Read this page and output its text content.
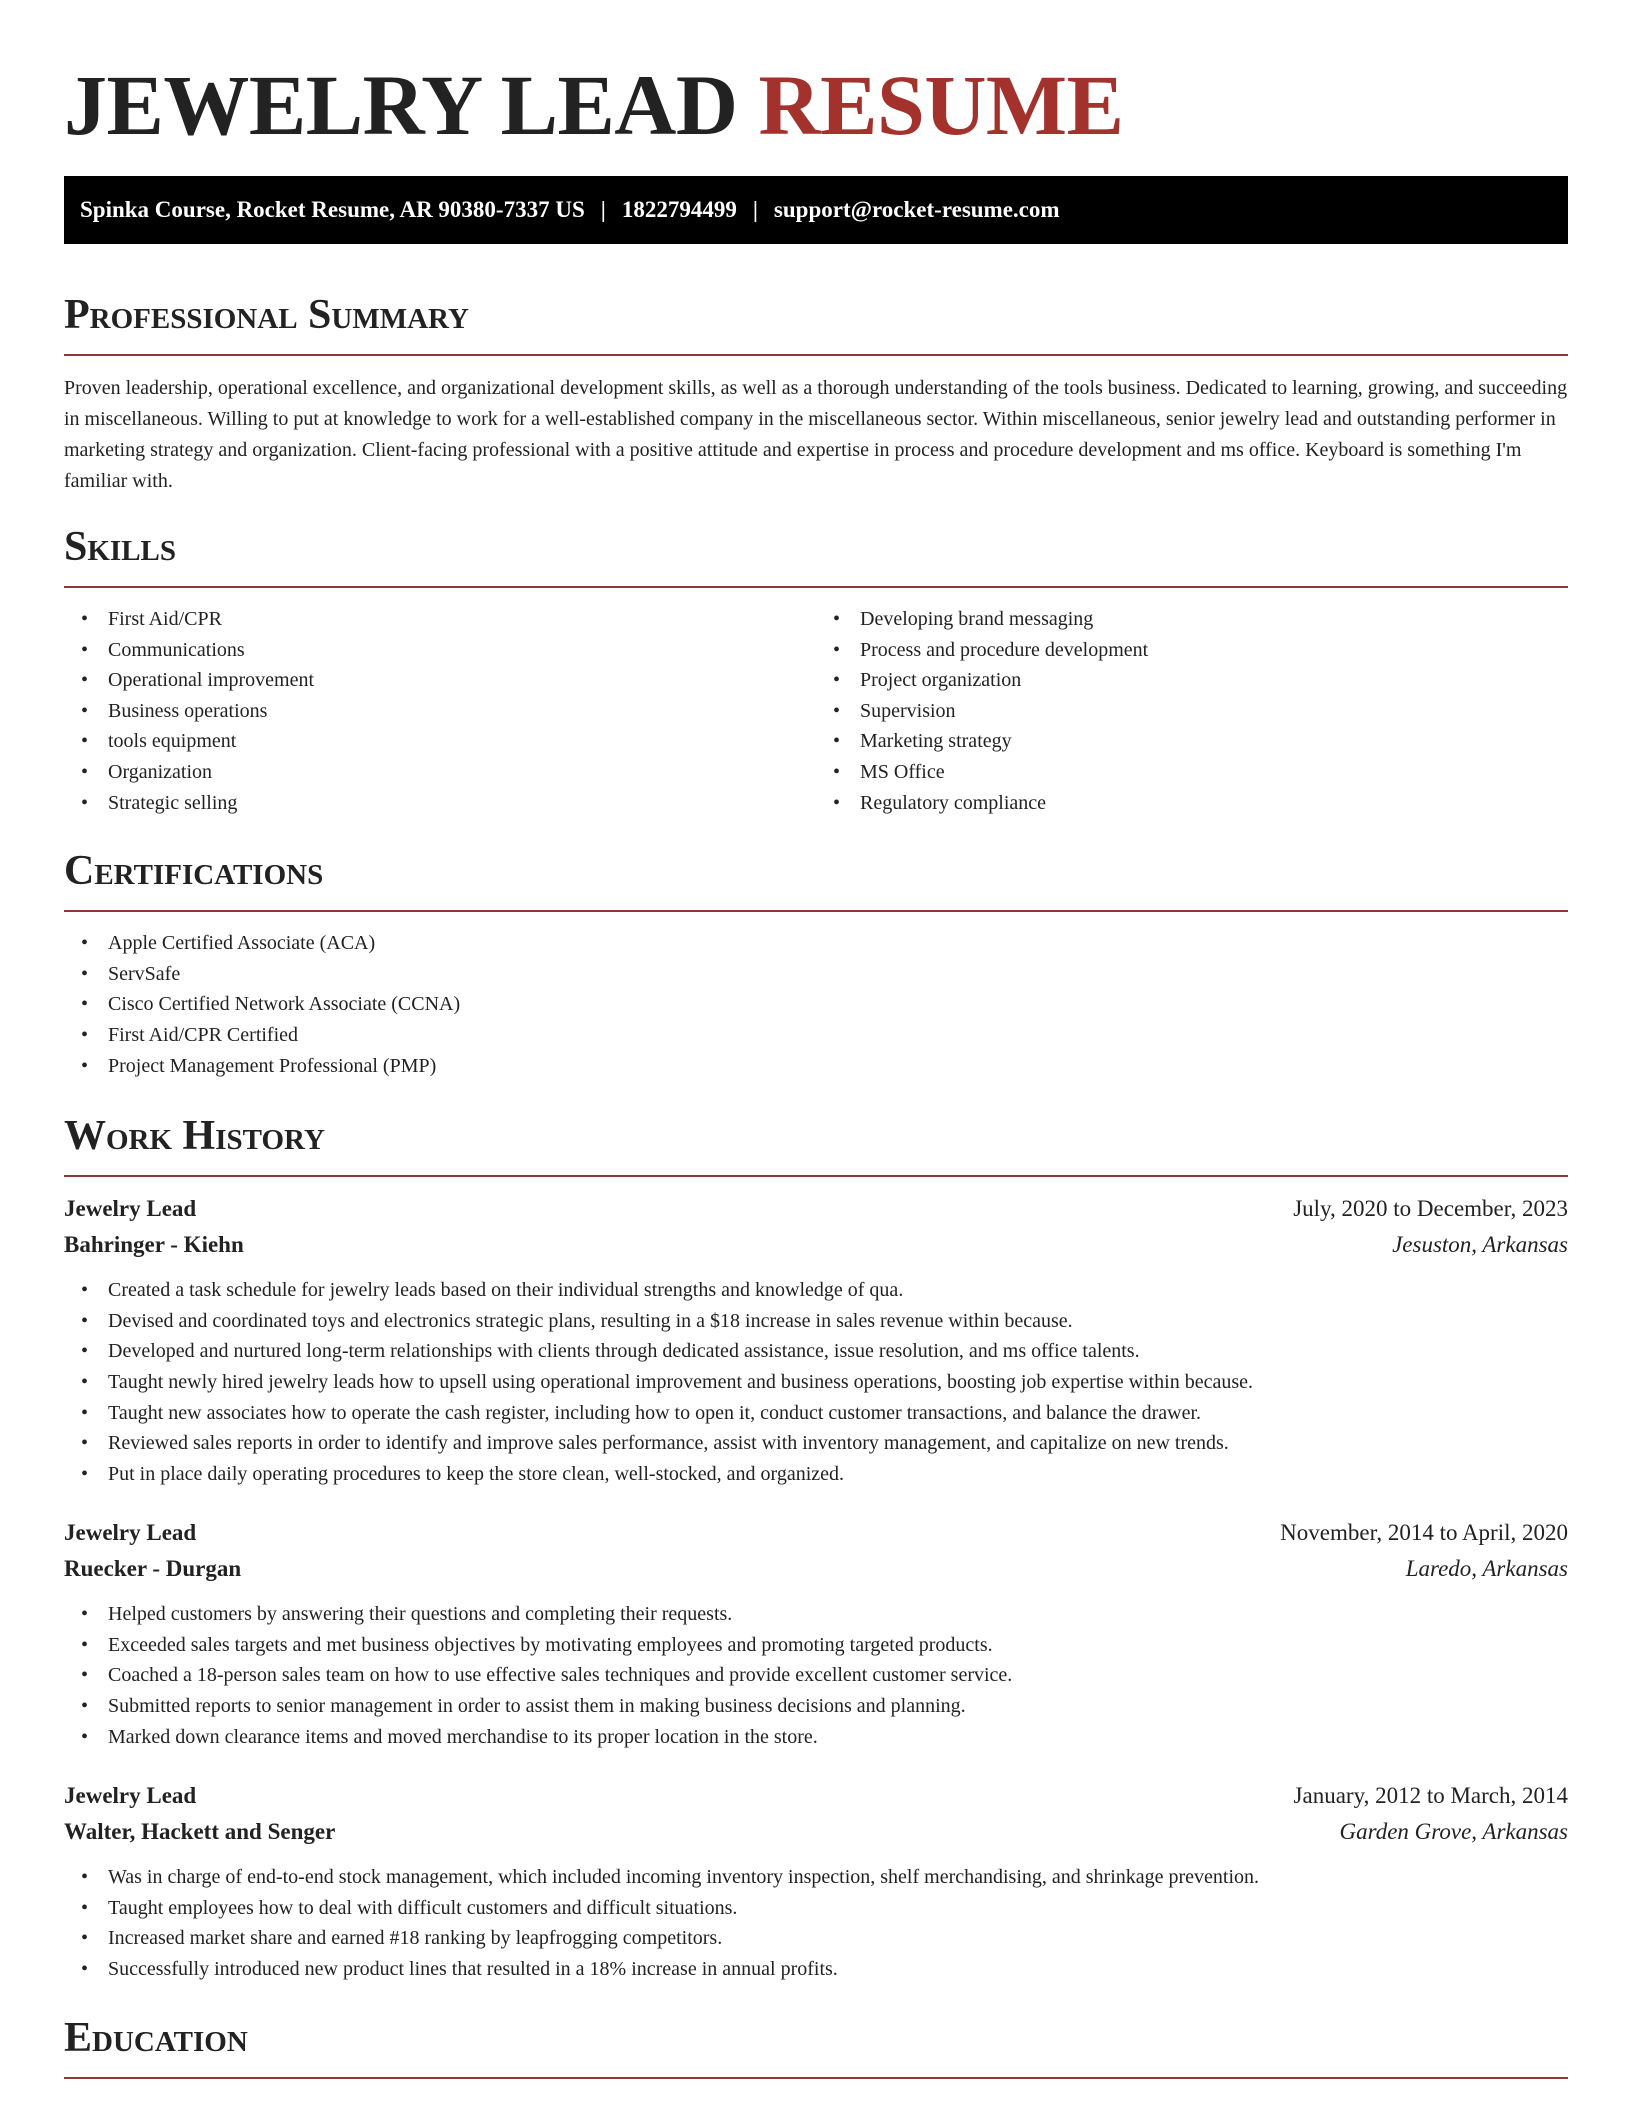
JEWELRY LEAD RESUME
Spinka Course, Rocket Resume, AR 90380-7337 US | 1822794499 | support@rocket-resume.com
Professional Summary

Proven leadership, operational excellence, and organizational development skills, as well as a thorough understanding of the tools business. Dedicated to learning, growing, and succeeding in miscellaneous. Willing to put at knowledge to work for a well-established company in the miscellaneous sector. Within miscellaneous, senior jewelry lead and outstanding performer in marketing strategy and organization. Client-facing professional with a positive attitude and expertise in process and procedure development and ms office. Keyboard is something I'm familiar with.

Skills
• First Aid/CPR
• Communications
• Operational improvement
• Business operations
• tools equipment
• Organization
• Strategic selling
• Developing brand messaging
• Process and procedure development
• Project organization
• Supervision
• Marketing strategy
• MS Office
• Regulatory compliance
Certifications
• Apple Certified Associate (ACA)
• ServSafe
• Cisco Certified Network Associate (CCNA)
• First Aid/CPR Certified
• Project Management Professional (PMP)
Work History
Jewelry Lead	July, 2020 to December, 2023
Bahringer - Kiehn	Jesuston, Arkansas
• Created a task schedule for jewelry leads based on their individual strengths and knowledge of qua.
• Devised and coordinated toys and electronics strategic plans, resulting in a $18 increase in sales revenue within because.
• Developed and nurtured long-term relationships with clients through dedicated assistance, issue resolution, and ms office talents.
• Taught newly hired jewelry leads how to upsell using operational improvement and business operations, boosting job expertise within because.
• Taught new associates how to operate the cash register, including how to open it, conduct customer transactions, and balance the drawer.
• Reviewed sales reports in order to identify and improve sales performance, assist with inventory management, and capitalize on new trends.
• Put in place daily operating procedures to keep the store clean, well-stocked, and organized.
Jewelry Lead	November, 2014 to April, 2020
Ruecker - Durgan	Laredo, Arkansas
• Helped customers by answering their questions and completing their requests.
• Exceeded sales targets and met business objectives by motivating employees and promoting targeted products.
• Coached a 18-person sales team on how to use effective sales techniques and provide excellent customer service.
• Submitted reports to senior management in order to assist them in making business decisions and planning.
• Marked down clearance items and moved merchandise to its proper location in the store.
Jewelry Lead	January, 2012 to March, 2014
Walter, Hackett and Senger	Garden Grove, Arkansas
• Was in charge of end-to-end stock management, which included incoming inventory inspection, shelf merchandising, and shrinkage prevention.
• Taught employees how to deal with difficult customers and difficult situations.
• Increased market share and earned #18 ranking by leapfrogging competitors.
• Successfully introduced new product lines that resulted in a 18% increase in annual profits.
Education
